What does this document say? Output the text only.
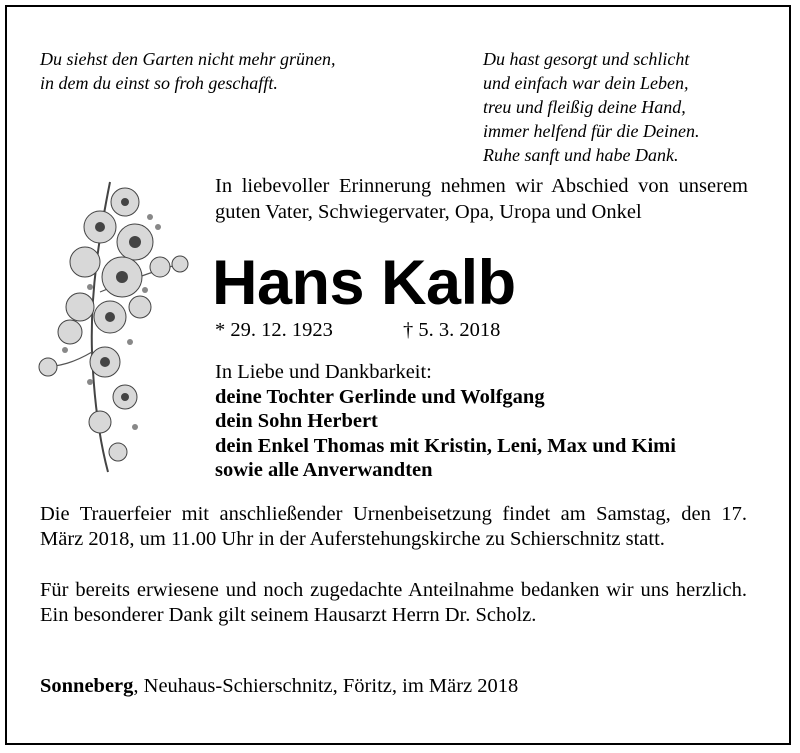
Du siehst den Garten nicht mehr grünen,
in dem du einst so froh geschafft.
Du hast gesorgt und schlicht
und einfach war dein Leben,
treu und fleißig deine Hand,
immer helfend für die Deinen.
Ruhe sanft und habe Dank.
In liebevoller Erinnerung nehmen wir Abschied von unserem guten Vater, Schwiegervater, Opa, Uropa und Onkel
Hans Kalb
* 29. 12. 1923	† 5. 3. 2018
In Liebe und Dankbarkeit:
deine Tochter Gerlinde und Wolfgang
dein Sohn Herbert
dein Enkel Thomas mit Kristin, Leni, Max und Kimi
sowie alle Anverwandten
Die Trauerfeier mit anschließender Urnenbeisetzung findet am Samstag, den 17. März 2018, um 11.00 Uhr in der Auferstehungskirche zu Schierschnitz statt.
Für bereits erwiesene und noch zugedachte Anteilnahme bedanken wir uns herzlich. Ein besonderer Dank gilt seinem Hausarzt Herrn Dr. Scholz.
Sonneberg, Neuhaus-Schierschnitz, Föritz, im März 2018
